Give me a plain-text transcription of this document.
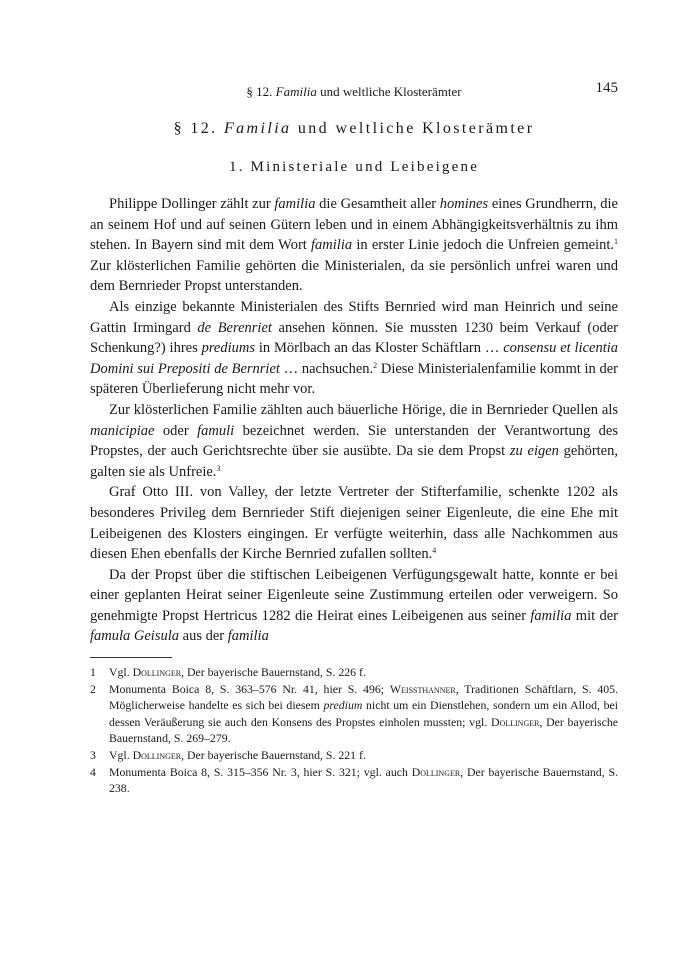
§ 12. Familia und weltliche Klosterämter	145
§ 12. Familia und weltliche Klosterämter
1. Ministeriale und Leibeigene

Philippe Dollinger zählt zur familia die Gesamtheit aller homines eines Grundherrn, die an seinem Hof und auf seinen Gütern leben und in einem Abhängigkeitsverhältnis zu ihm stehen. In Bayern sind mit dem Wort familia in erster Linie jedoch die Unfreien gemeint.$^1$ Zur klösterlichen Familie gehörten die Ministerialen, da sie persönlich unfrei waren und dem Bernrieder Propst unterstanden.

Als einzige bekannte Ministerialen des Stifts Bernried wird man Heinrich und seine Gattin Irmingard de Berenriet ansehen können. Sie mussten 1230 beim Verkauf (oder Schenkung?) ihres prediums in Mörlbach an das Kloster Schäftlarn … consensu et licentia Domini sui Prepositi de Bernriet … nachsuchen.$^2$ Diese Ministerialenfamilie kommt in der späteren Überlieferung nicht mehr vor.

Zur klösterlichen Familie zählten auch bäuerliche Hörige, die in Bernrieder Quellen als manicipiae oder famuli bezeichnet werden. Sie unterstanden der Verantwortung des Propstes, der auch Gerichtsrechte über sie ausübte. Da sie dem Propst zu eigen gehörten, galten sie als Unfreie.$^3$

Graf Otto III. von Valley, der letzte Vertreter der Stifterfamilie, schenkte 1202 als besonderes Privileg dem Bernrieder Stift diejenigen seiner Eigenleute, die eine Ehe mit Leibeigenen des Klosters eingingen. Er verfügte weiterhin, dass alle Nachkommen aus diesen Ehen ebenfalls der Kirche Bernried zufallen sollten.$^4$

Da der Propst über die stiftischen Leibeigenen Verfügungsgewalt hatte, konnte er bei einer geplanten Heirat seiner Eigenleute seine Zustimmung erteilen oder verweigern. So genehmigte Propst Hertricus 1282 die Heirat eines Leibeigenen aus seiner familia mit der famula Geisula aus der familia

1	Vgl. Dollinger, Der bayerische Bauernstand, S. 226 f.
2	Monumenta Boica 8, S. 363–576 Nr. 41, hier S. 496; Weissthanner, Traditionen Schäftlarn, S. 405. Möglicherweise handelte es sich bei diesem predium nicht um ein Dienstlehen, sondern um ein Allod, bei dessen Veräußerung sie auch den Konsens des Propstes einholen mussten; vgl. Dollinger, Der bayerische Bauernstand, S. 269–279.
3	Vgl. Dollinger, Der bayerische Bauernstand, S. 221 f.
4	Monumenta Boica 8, S. 315–356 Nr. 3, hier S. 321; vgl. auch Dollinger, Der bayerische Bauernstand, S. 238.
